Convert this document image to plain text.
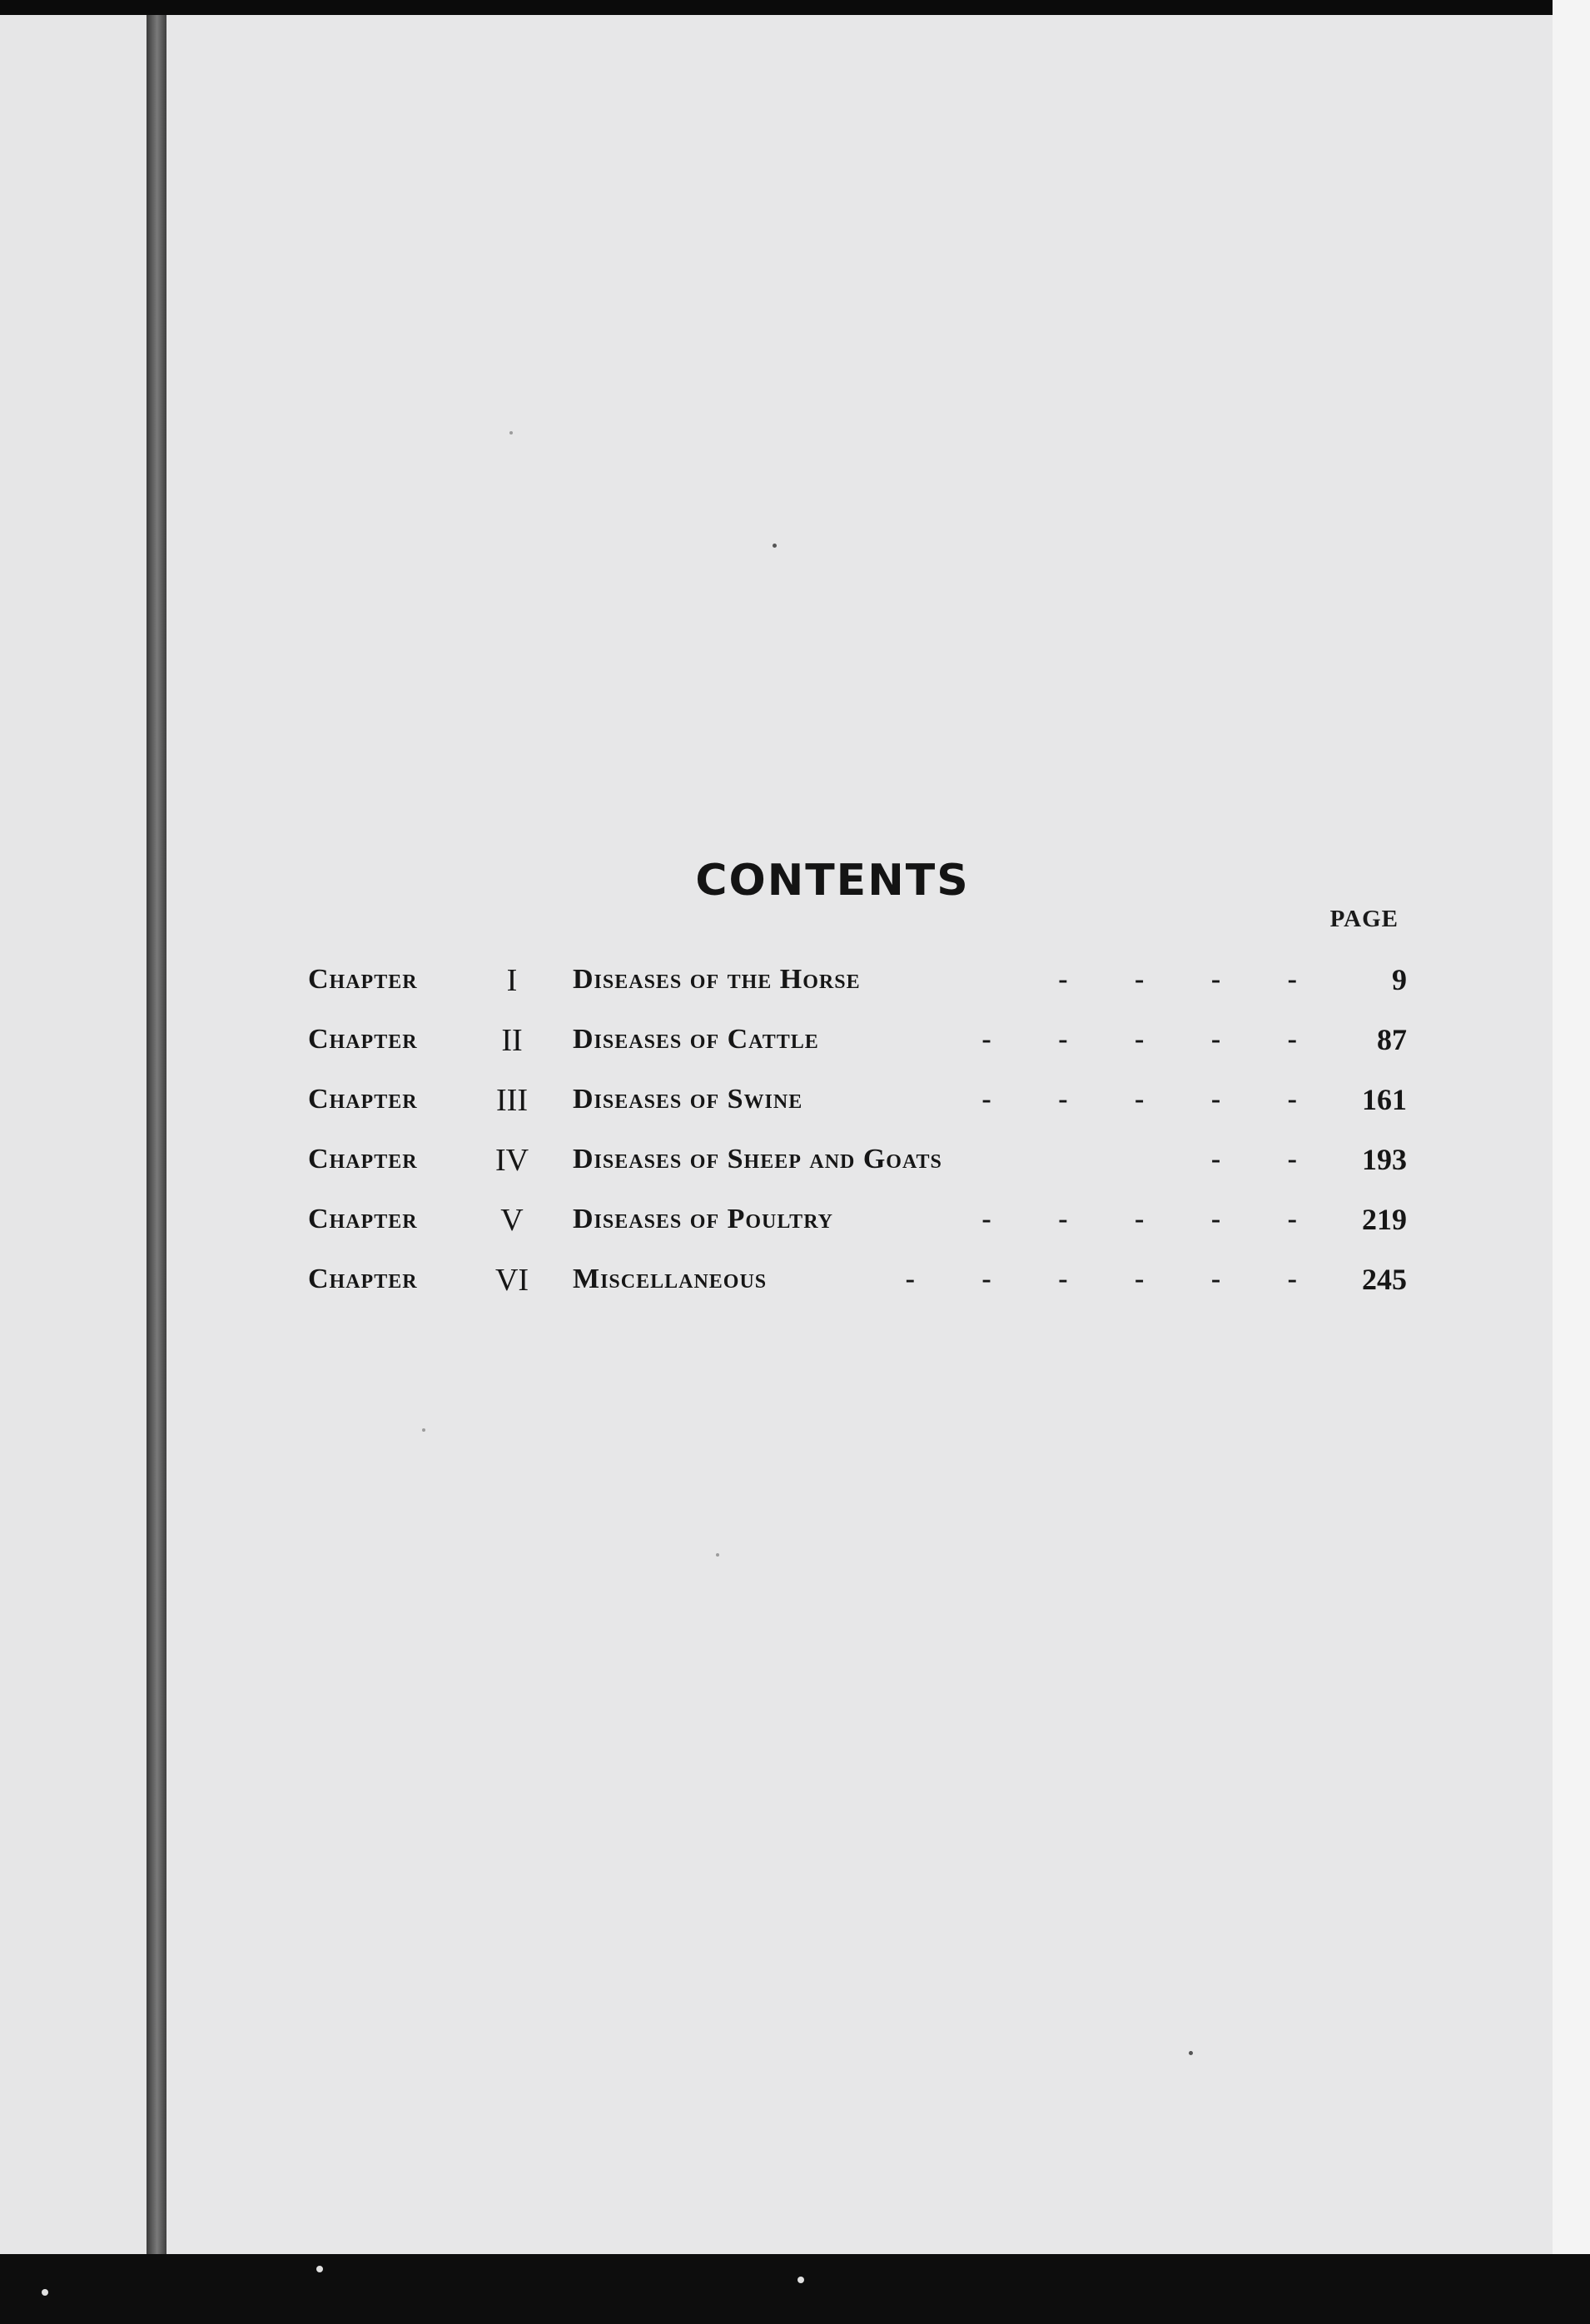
CONTENTS
PAGE
Chapter	I	Diseases of the Horse	- - - -	9
Chapter	II	Diseases of Cattle	- - - - -	87
Chapter	III	Diseases of Swine	- - - - -	161
Chapter	IV	Diseases of Sheep and Goats	- -	193
Chapter	V	Diseases of Poultry	- - - - -	219
Chapter	VI	Miscellaneous	- - - - - -	245
